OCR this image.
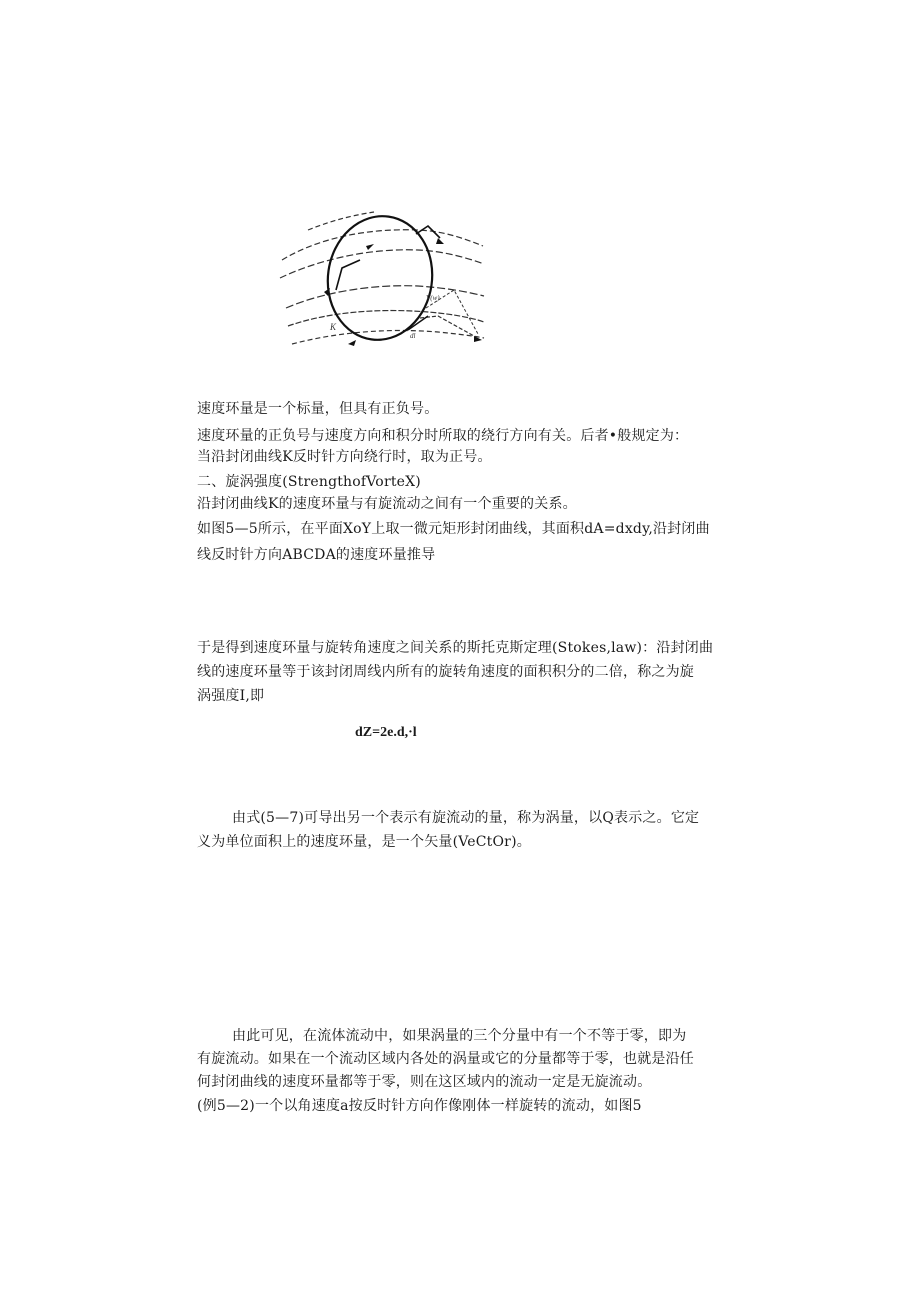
K
V(w)
dl
速度环量是一个标量，但具有正负号。
速度环量的正负号与速度方向和积分时所取的绕行方向有关。后者•般规定为：
当沿封闭曲线K反时针方向绕行时，取为正号。
二、旋涡强度(StrengthofVorteX)
沿封闭曲线K的速度环量与有旋流动之间有一个重要的关系。
如图5—5所示，在平面XoY上取一微元矩形封闭曲线，其面积dA=dxdy,沿封闭曲
线反时针方向ABCDA的速度环量推导
于是得到速度环量与旋转角速度之间关系的斯托克斯定理(Stokes,law)：沿封闭曲
线的速度环量等于该封闭周线内所有的旋转角速度的面积积分的二倍，称之为旋
涡强度I,即
dZ=2e.d,·l
由式(5—7)可导出另一个表示有旋流动的量，称为涡量，以Q表示之。它定
义为单位面积上的速度环量，是一个矢量(VeCtOr)。
由此可见，在流体流动中，如果涡量的三个分量中有一个不等于零，即为
有旋流动。如果在一个流动区域内各处的涡量或它的分量都等于零，也就是沿任
何封闭曲线的速度环量都等于零，则在这区域内的流动一定是无旋流动。
(例5—2)一个以角速度a按反时针方向作像刚体一样旋转的流动，如图5
